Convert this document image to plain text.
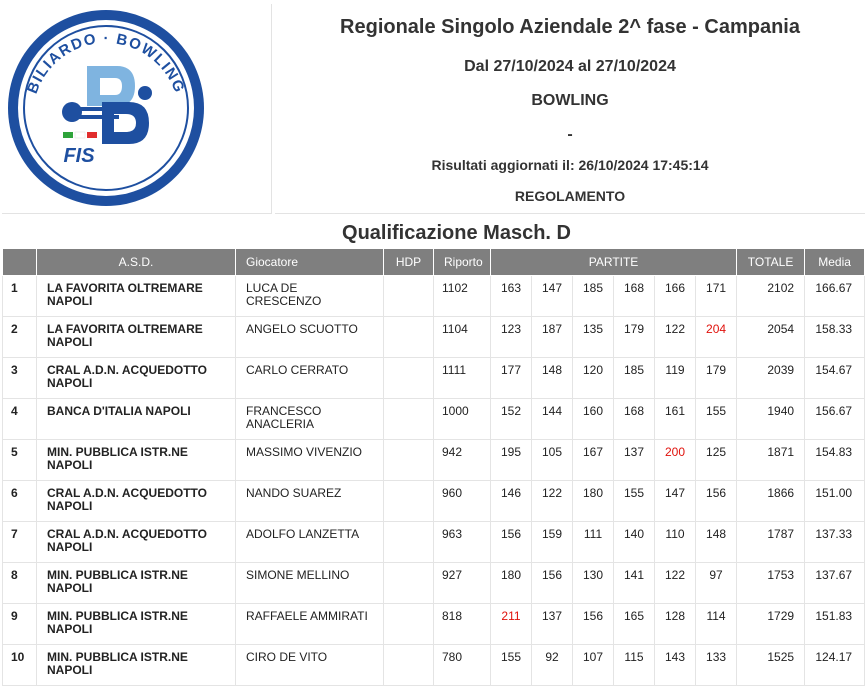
BILIARDO · BOWLING
FIS
Regionale Singolo Aziendale 2^ fase - Campania
Dal 27/10/2024 al 27/10/2024
BOWLING
-
Risultati aggiornati il: 26/10/2024 17:45:14
REGOLAMENTO
Qualificazione Masch. D
	A.S.D.	Giocatore	HDP	Riporto	PARTITE						TOTALE	Media
1	LA FAVORITA OLTREMARE NAPOLI	LUCA DE CRESCENZO		1102	163	147	185	168	166	171	2102	166.67
2	LA FAVORITA OLTREMARE NAPOLI	ANGELO SCUOTTO		1104	123	187	135	179	122	204	2054	158.33
3	CRAL A.D.N. ACQUEDOTTO NAPOLI	CARLO CERRATO		1111	177	148	120	185	119	179	2039	154.67
4	BANCA D'ITALIA NAPOLI	FRANCESCO ANACLERIA		1000	152	144	160	168	161	155	1940	156.67
5	MIN. PUBBLICA ISTR.NE NAPOLI	MASSIMO VIVENZIO		942	195	105	167	137	200	125	1871	154.83
6	CRAL A.D.N. ACQUEDOTTO NAPOLI	NANDO SUAREZ		960	146	122	180	155	147	156	1866	151.00
7	CRAL A.D.N. ACQUEDOTTO NAPOLI	ADOLFO LANZETTA		963	156	159	111	140	110	148	1787	137.33
8	MIN. PUBBLICA ISTR.NE NAPOLI	SIMONE MELLINO		927	180	156	130	141	122	97	1753	137.67
9	MIN. PUBBLICA ISTR.NE NAPOLI	RAFFAELE AMMIRATI		818	211	137	156	165	128	114	1729	151.83
10	MIN. PUBBLICA ISTR.NE NAPOLI	CIRO DE VITO		780	155	92	107	115	143	133	1525	124.17
